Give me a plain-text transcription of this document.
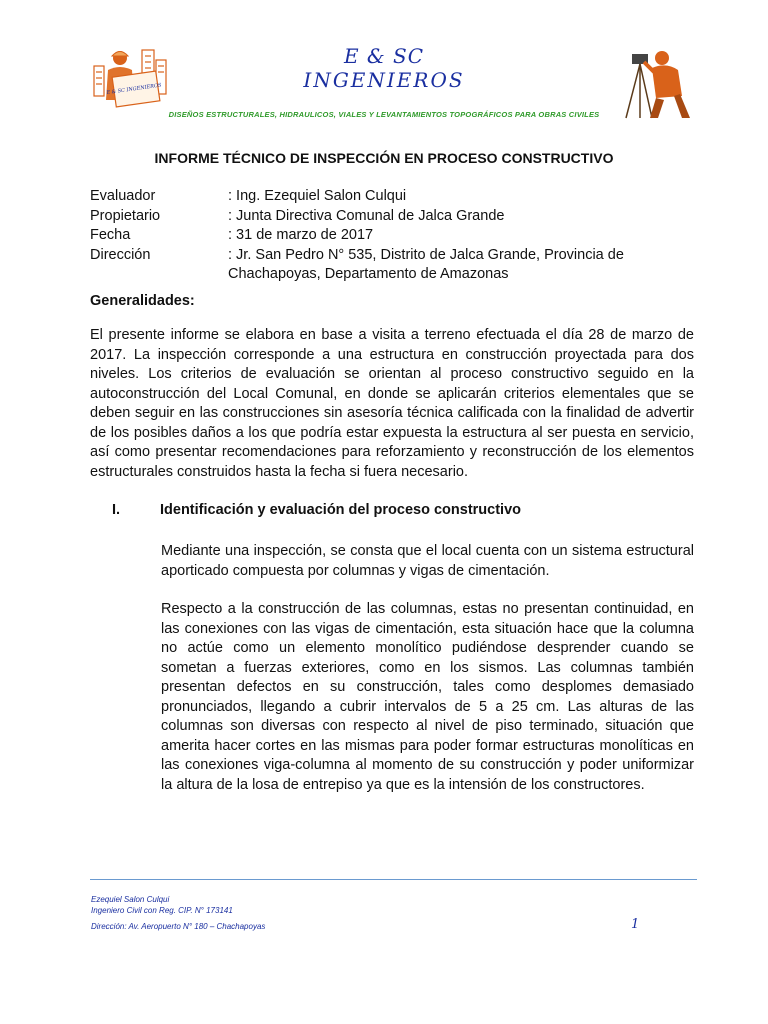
E & SC INGENIEROS
E & SC
INGENIEROS
DISEÑOS ESTRUCTURALES, HIDRAULICOS, VIALES Y LEVANTAMIENTOS TOPOGRÁFICOS PARA OBRAS CIVILES
INFORME TÉCNICO DE INSPECCIÓN EN PROCESO CONSTRUCTIVO
Evaluador	: Ing. Ezequiel Salon Culqui
Propietario	: Junta Directiva Comunal de Jalca Grande
Fecha	: 31 de marzo de 2017
Dirección	: Jr. San Pedro N° 535, Distrito de Jalca Grande, Provincia de Chachapoyas, Departamento de Amazonas
Generalidades:
El presente informe se elabora en base a visita a terreno efectuada el día 28 de marzo de 2017. La inspección corresponde a una estructura en construcción proyectada para dos niveles. Los criterios de evaluación se orientan al proceso constructivo seguido en la autoconstrucción del Local Comunal, en donde se aplicarán criterios elementales que se deben seguir en las construcciones sin asesoría técnica calificada con la finalidad de advertir de los posibles daños a los que podría estar expuesta la estructura al ser puesta en servicio, así como presentar recomendaciones para reforzamiento y reconstrucción de los elementos estructurales construidos hasta la fecha si fuera necesario.
I.	Identificación y evaluación del proceso constructivo
Mediante una inspección, se consta que el local cuenta con un sistema estructural aporticado compuesta por columnas y vigas de cimentación.
Respecto a la construcción de las columnas, estas no presentan continuidad, en las conexiones con las vigas de cimentación, esta situación hace que la columna no actúe como un elemento monolítico pudiéndose desprender cuando se sometan a fuerzas exteriores, como en los sismos. Las columnas también presentan defectos en su construcción, tales como desplomes demasiado pronunciados, llegando a cubrir intervalos de 5 a 25 cm. Las alturas de las columnas son diversas con respecto al nivel de piso terminado, situación que amerita hacer cortes en las mismas para poder formar estructuras monolíticas en las conexiones viga-columna al momento de su construcción y poder uniformizar la altura de la losa de entrepiso ya que es la intensión de los constructores.
Ezequiel Salon Culqui
Ingeniero Civil con Reg. CIP. N° 173141
Dirección: Av. Aeropuerto N° 180 – Chachapoyas	1
